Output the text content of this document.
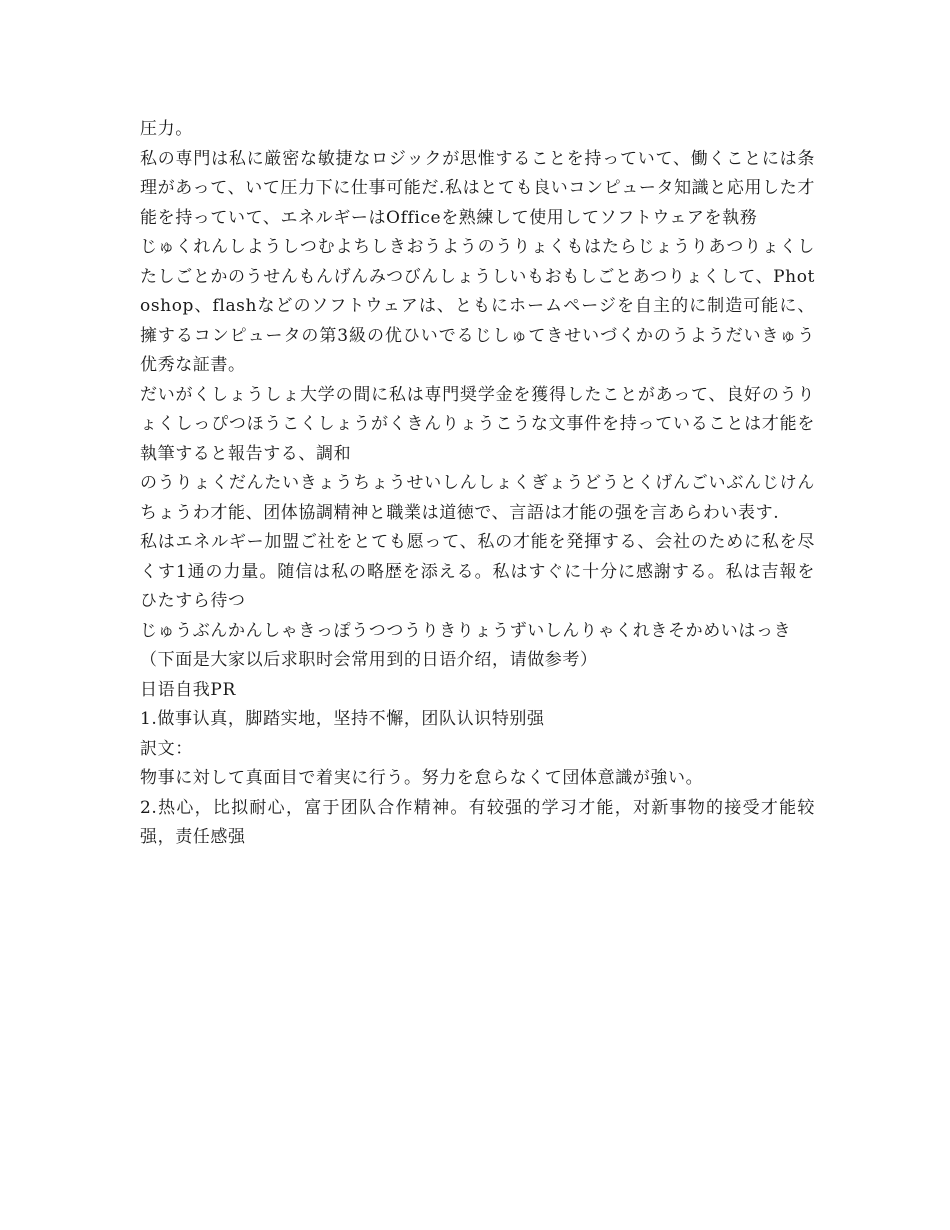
圧力。

私の専門は私に厳密な敏捷なロジックが思惟することを持っていて、働くことには条理があって、いて圧力下に仕事可能だ.私はとても良いコンピュータ知識と応用した才能を持っていて、エネルギーはOfficeを熟練して使用してソフトウェアを執務

じゅくれんしようしつむよちしきおうようのうりょくもはたらじょうりあつりょくしたしごとかのうせんもんげんみつびんしょうしいもおもしごとあつりょくして、Photoshop、flashなどのソフトウェアは、ともにホームページを自主的に制造可能に、擁するコンピュータの第3級の优ひいでるじしゅてきせいづくかのうようだいきゅう优秀な証書。

だいがくしょうしょ大学の間に私は専門奨学金を獲得したことがあって、良好のうりょくしっぴつほうこくしょうがくきんりょうこうな文事件を持っていることは才能を執筆すると報告する、調和

のうりょくだんたいきょうちょうせいしんしょくぎょうどうとくげんごいぶんじけんちょうわ才能、团体協調精神と職業は道徳で、言語は才能の强を言あらわい表す.

私はエネルギー加盟ご社をとても愿って、私の才能を発揮する、会社のために私を尽くす1通の力量。随信は私の略歴を添える。私はすぐに十分に感謝する。私は吉報をひたすら待つ

じゅうぶんかんしゃきっぽうつつうりきりょうずいしんりゃくれきそかめいはっき

（下面是大家以后求职时会常用到的日语介绍，请做参考）

日语自我PR

1.做事认真，脚踏实地，坚持不懈，团队认识特别强

訳文：

物事に対して真面目で着実に行う。努力を怠らなくて団体意識が強い。

2.热心，比拟耐心，富于团队合作精神。有较强的学习才能，对新事物的接受才能较强，责任感强
